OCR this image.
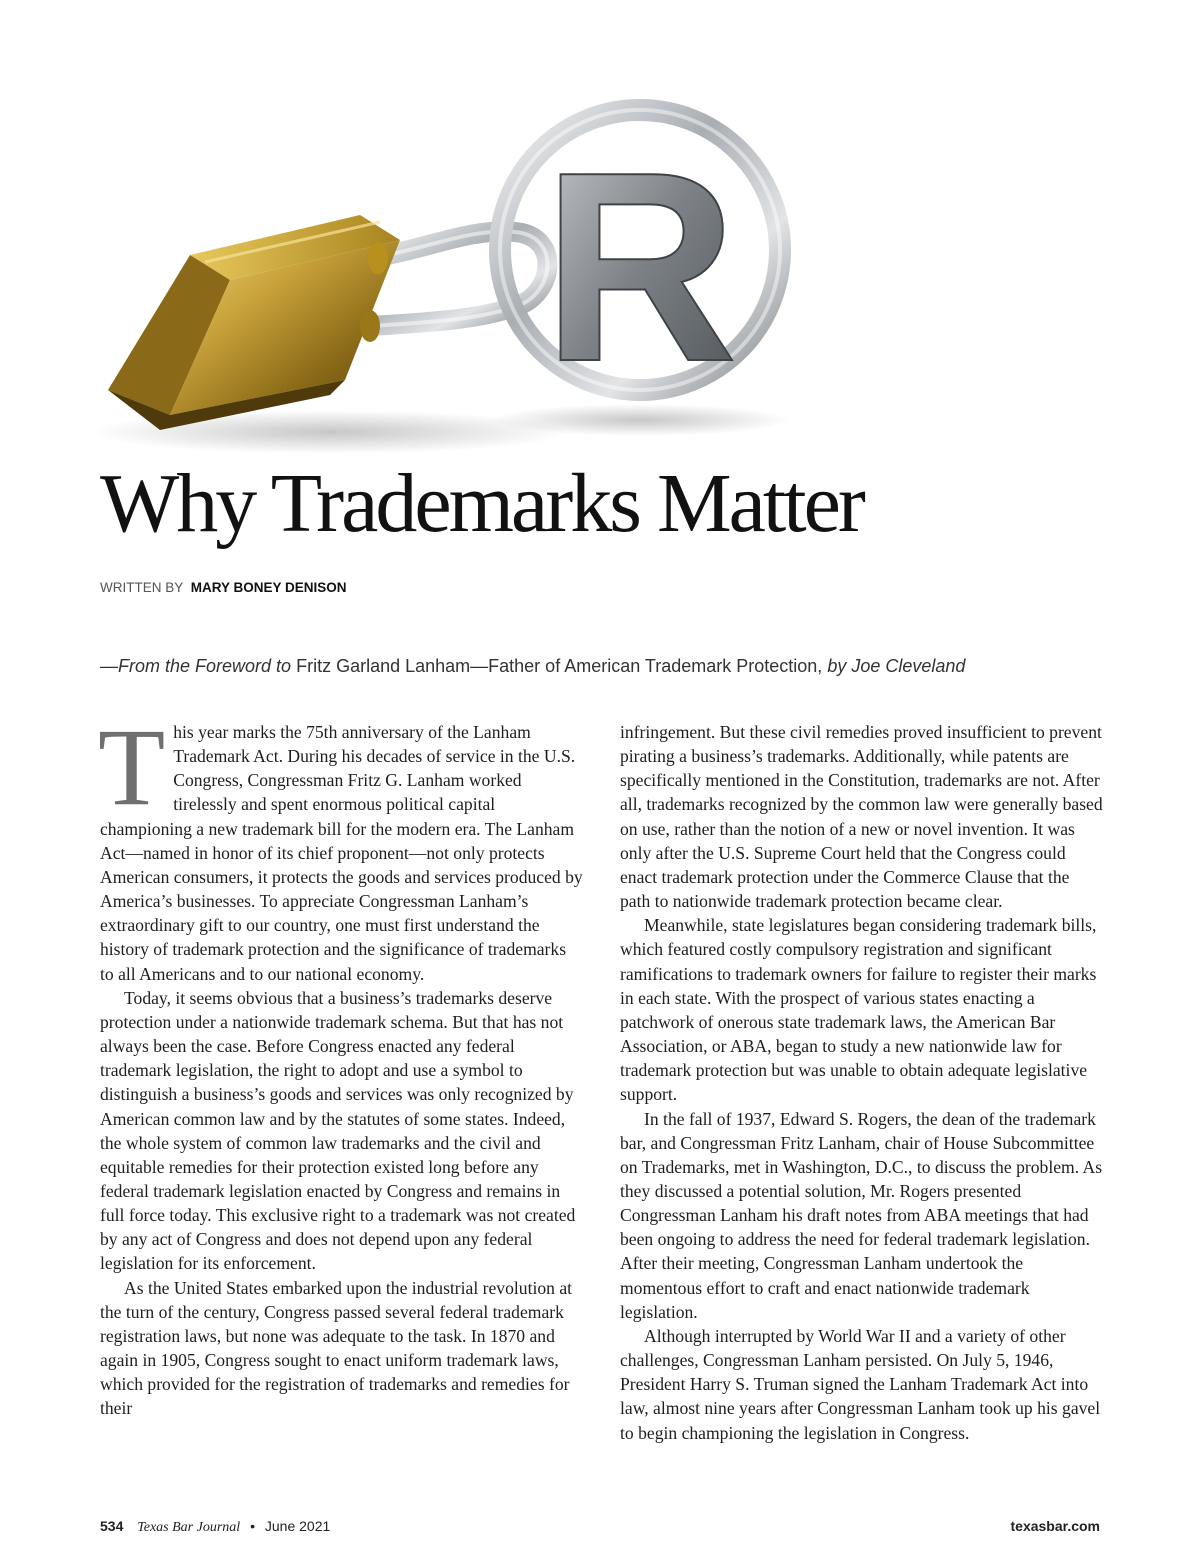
R
Why Trademarks Matter
WRITTEN BY MARY BONEY DENISON
—From the Foreword to Fritz Garland Lanham—Father of American Trademark Protection, by Joe Cleveland

This year marks the 75th anniversary of the Lanham Trademark Act. During his decades of service in the U.S. Congress, Congressman Fritz G. Lanham worked tirelessly and spent enormous political capital championing a new trademark bill for the modern era. The Lanham Act—named in honor of its chief proponent—not only protects American consumers, it protects the goods and services produced by America’s businesses. To appreciate Congressman Lanham’s extraordinary gift to our country, one must first understand the history of trademark protection and the significance of trademarks to all Americans and to our national economy.

Today, it seems obvious that a business’s trademarks deserve protection under a nationwide trademark schema. But that has not always been the case. Before Congress enacted any federal trademark legislation, the right to adopt and use a symbol to distinguish a business’s goods and services was only recognized by American common law and by the statutes of some states. Indeed, the whole system of common law trademarks and the civil and equitable remedies for their protection existed long before any federal trademark legislation enacted by Congress and remains in full force today. This exclusive right to a trademark was not created by any act of Congress and does not depend upon any federal legislation for its enforcement.

As the United States embarked upon the industrial revolution at the turn of the century, Congress passed several federal trademark registration laws, but none was adequate to the task. In 1870 and again in 1905, Congress sought to enact uniform trademark laws, which provided for the registration of trademarks and remedies for their

infringement. But these civil remedies proved insufficient to prevent pirating a business’s trademarks. Additionally, while patents are specifically mentioned in the Constitution, trademarks are not. After all, trademarks recognized by the common law were generally based on use, rather than the notion of a new or novel invention. It was only after the U.S. Supreme Court held that the Congress could enact trademark protection under the Commerce Clause that the path to nationwide trademark protection became clear.

Meanwhile, state legislatures began considering trademark bills, which featured costly compulsory registration and significant ramifications to trademark owners for failure to register their marks in each state. With the prospect of various states enacting a patchwork of onerous state trademark laws, the American Bar Association, or ABA, began to study a new nationwide law for trademark protection but was unable to obtain adequate legislative support.

In the fall of 1937, Edward S. Rogers, the dean of the trademark bar, and Congressman Fritz Lanham, chair of House Subcommittee on Trademarks, met in Washington, D.C., to discuss the problem. As they discussed a potential solution, Mr. Rogers presented Congressman Lanham his draft notes from ABA meetings that had been ongoing to address the need for federal trademark legislation. After their meeting, Congressman Lanham undertook the momentous effort to craft and enact nationwide trademark legislation.

Although interrupted by World War II and a variety of other challenges, Congressman Lanham persisted. On July 5, 1946, President Harry S. Truman signed the Lanham Trademark Act into law, almost nine years after Congressman Lanham took up his gavel to begin championing the legislation in Congress.

534 Texas Bar Journal • June 2021	texasbar.com
